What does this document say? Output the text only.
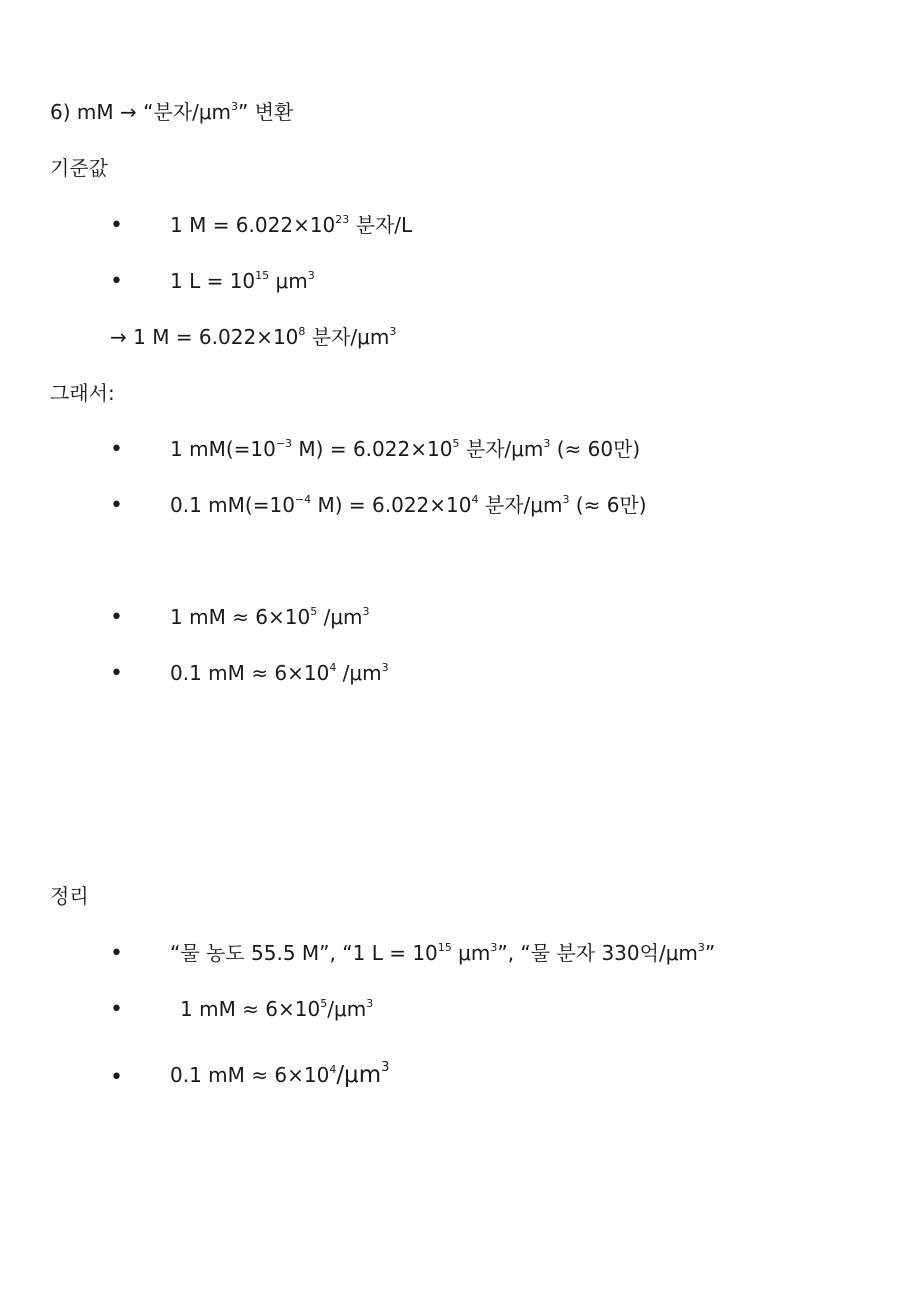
6) mM → “분자$/\mu m^3$” 변환
기준값
• 1 $M = 6.022\times 10^{23}$ 분자/L
• 1 $L = 10^{15}$ $\mu m^3$
→ 1 $M = 6.022\times 10^8$ 분자$/\mu m^3$
그래서:
• 1 $mM(=10^{-3}$ $M) = 6.022\times 10^5$ 분자$/\mu m^3$ (≈ 60만)
• 0.1 $mM(=10^{-4}$ $M) = 6.022\times 10^4$ 분자$/\mu m^3$ (≈ 6만)
• 1 mM ≈ $6\times 10^5$ $/\mu m^3$
• 0.1 mM ≈ $6\times 10^4$ $/\mu m^3$
정리
• “물 농도 55.5 M”, “1 $L = 10^{15}$ $\mu m^3$”, “물 분자 330억$/\mu m^3$”
•	1 mM ≈ $6\times 10^5/\mu m^3$
• 0.1 mM ≈ $6\times 10^4/\mu m^3$
